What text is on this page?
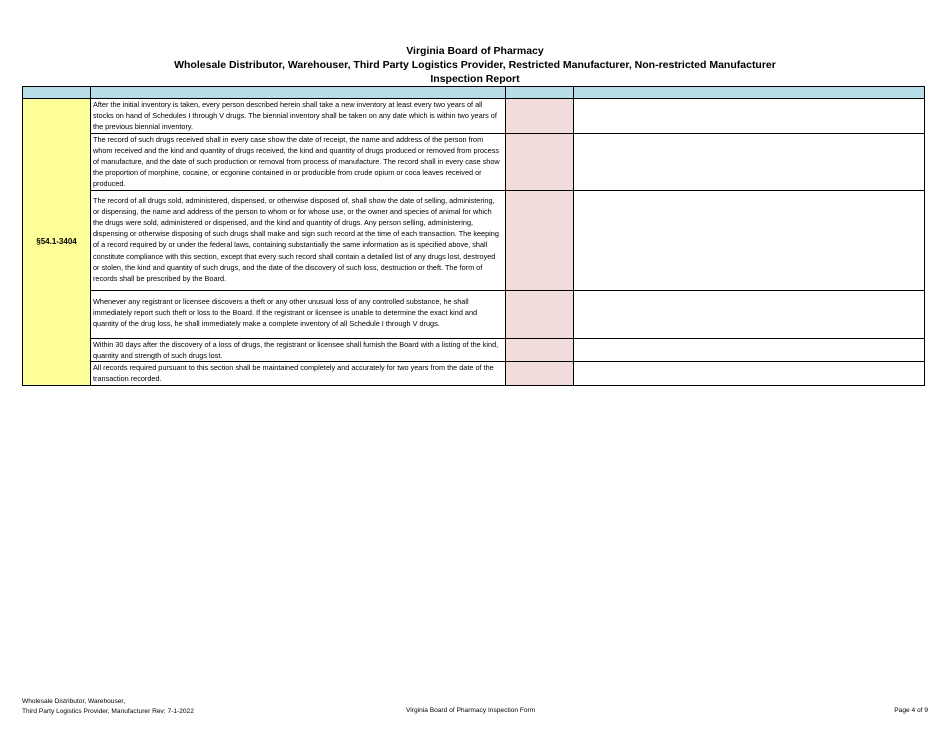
Virginia Board of Pharmacy
Wholesale Distributor, Warehouser, Third Party Logistics Provider, Restricted Manufacturer, Non-restricted Manufacturer
Inspection Report

§54.1-3404	After the initial inventory is taken, every person described herein shall take a new inventory at least every two years of all stocks on hand of Schedules I through V drugs. The biennial inventory shall be taken on any date which is within two years of the previous biennial inventory.		
	The record of such drugs received shall in every case show the date of receipt, the name and address of the person from whom received and the kind and quantity of drugs received, the kind and quantity of drugs produced or removed from process of manufacture, and the date of such production or removal from process of manufacture. The record shall in every case show the proportion of morphine, cocaine, or ecgonine contained in or producible from crude opium or coca leaves received or produced.		
	The record of all drugs sold, administered, dispensed, or otherwise disposed of, shall show the date of selling, administering, or dispensing, the name and address of the person to whom or for whose use, or the owner and species of animal for which the drugs were sold, administered or dispensed, and the kind and quantity of drugs. Any person selling, administering, dispensing or otherwise disposing of such drugs shall make and sign such record at the time of each transaction. The keeping of a record required by or under the federal laws, containing substantially the same information as is specified above, shall constitute compliance with this section, except that every such record shall contain a detailed list of any drugs lost, destroyed or stolen, the kind and quantity of such drugs, and the date of the discovery of such loss, destruction or theft. The form of records shall be prescribed by the Board.		
	Whenever any registrant or licensee discovers a theft or any other unusual loss of any controlled substance, he shall immediately report such theft or loss to the Board. If the registrant or licensee is unable to determine the exact kind and quantity of the drug loss, he shall immediately make a complete inventory of all Schedule I through V drugs.		
	Within 30 days after the discovery of a loss of drugs, the registrant or licensee shall furnish the Board with a listing of the kind, quantity and strength of such drugs lost.		
	All records required pursuant to this section shall be maintained completely and accurately for two years from the date of the transaction recorded.		
Wholesale Distributor, Warehouser,
Third Party Logistics Provider, Manufacturer Rev: 7-1-2022	Virginia Board of Pharmacy Inspection Form	Page 4 of 9
